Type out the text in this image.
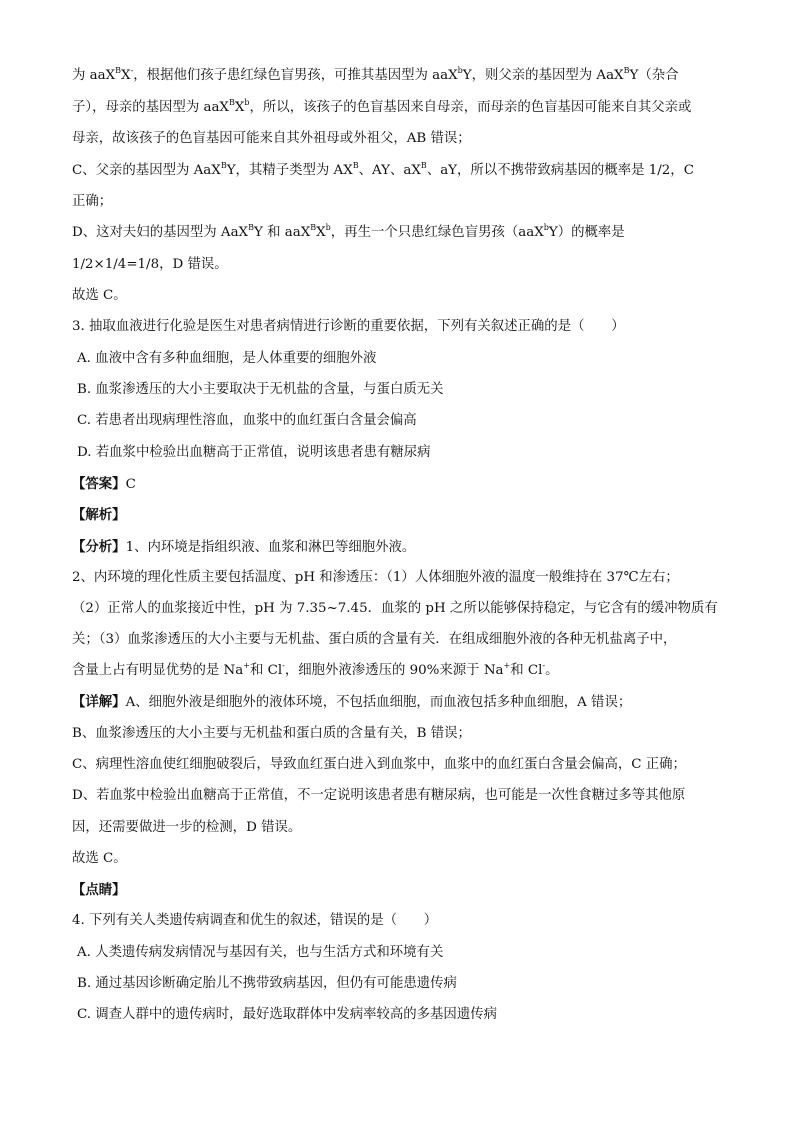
为 aaX$^B$X-，根据他们孩子患红绿色盲男孩，可推其基因型为 aaX$^b$Y，则父亲的基因型为 AaX$^B$Y（杂合
子），母亲的基因型为 $aaX^BX^b$，所以，该孩子的色盲基因来自母亲，而母亲的色盲基因可能来自其父亲或
母亲，故该孩子的色盲基因可能来自其外祖母或外祖父，AB 错误；
C、父亲的基因型为 AaX$^B$Y，其精子类型为 $AX^B$、AY、$aX^B$、aY，所以不携带致病基因的概率是 1/2，C
正确；
D、这对夫妇的基因型为 AaX$^B$Y 和 $aaX^BX^b$，再生一个只患红绿色盲男孩（aaX$^b$Y）的概率是
1/2×1/4=1/8，D 错误。
故选 C。
3. 抽取血液进行化验是医生对患者病情进行诊断的重要依据，下列有关叙述正确的是（　　）
A. 血液中含有多种血细胞，是人体重要的细胞外液
B. 血浆渗透压的大小主要取决于无机盐的含量，与蛋白质无关
C. 若患者出现病理性溶血，血浆中的血红蛋白含量会偏高
D. 若血浆中检验出血糖高于正常值，说明该患者患有糖尿病
【答案】C
【解析】
【分析】1、内环境是指组织液、血浆和淋巴等细胞外液。
2、内环境的理化性质主要包括温度、pH 和渗透压：（1）人体细胞外液的温度一般维持在 37℃左右；
（2）正常人的血浆接近中性，pH 为 7.35~7.45．血浆的 pH 之所以能够保持稳定，与它含有的缓冲物质有
关；（3）血浆渗透压的大小主要与无机盐、蛋白质的含量有关．在组成细胞外液的各种无机盐离子中，
含量上占有明显优势的是 Na+和 Cl-，细胞外液渗透压的 90%来源于 Na+和 Cl-。
【详解】A、细胞外液是细胞外的液体环境，不包括血细胞，而血液包括多种血细胞，A 错误；
B、血浆渗透压的大小主要与无机盐和蛋白质的含量有关，B 错误；
C、病理性溶血使红细胞破裂后，导致血红蛋白进入到血浆中，血浆中的血红蛋白含量会偏高，C 正确；
D、若血浆中检验出血糖高于正常值，不一定说明该患者患有糖尿病，也可能是一次性食糖过多等其他原
因，还需要做进一步的检测，D 错误。
故选 C。
【点睛】
4. 下列有关人类遗传病调查和优生的叙述，错误的是（　　）
A. 人类遗传病发病情况与基因有关，也与生活方式和环境有关
B. 通过基因诊断确定胎儿不携带致病基因，但仍有可能患遗传病
C. 调查人群中的遗传病时，最好选取群体中发病率较高的多基因遗传病
